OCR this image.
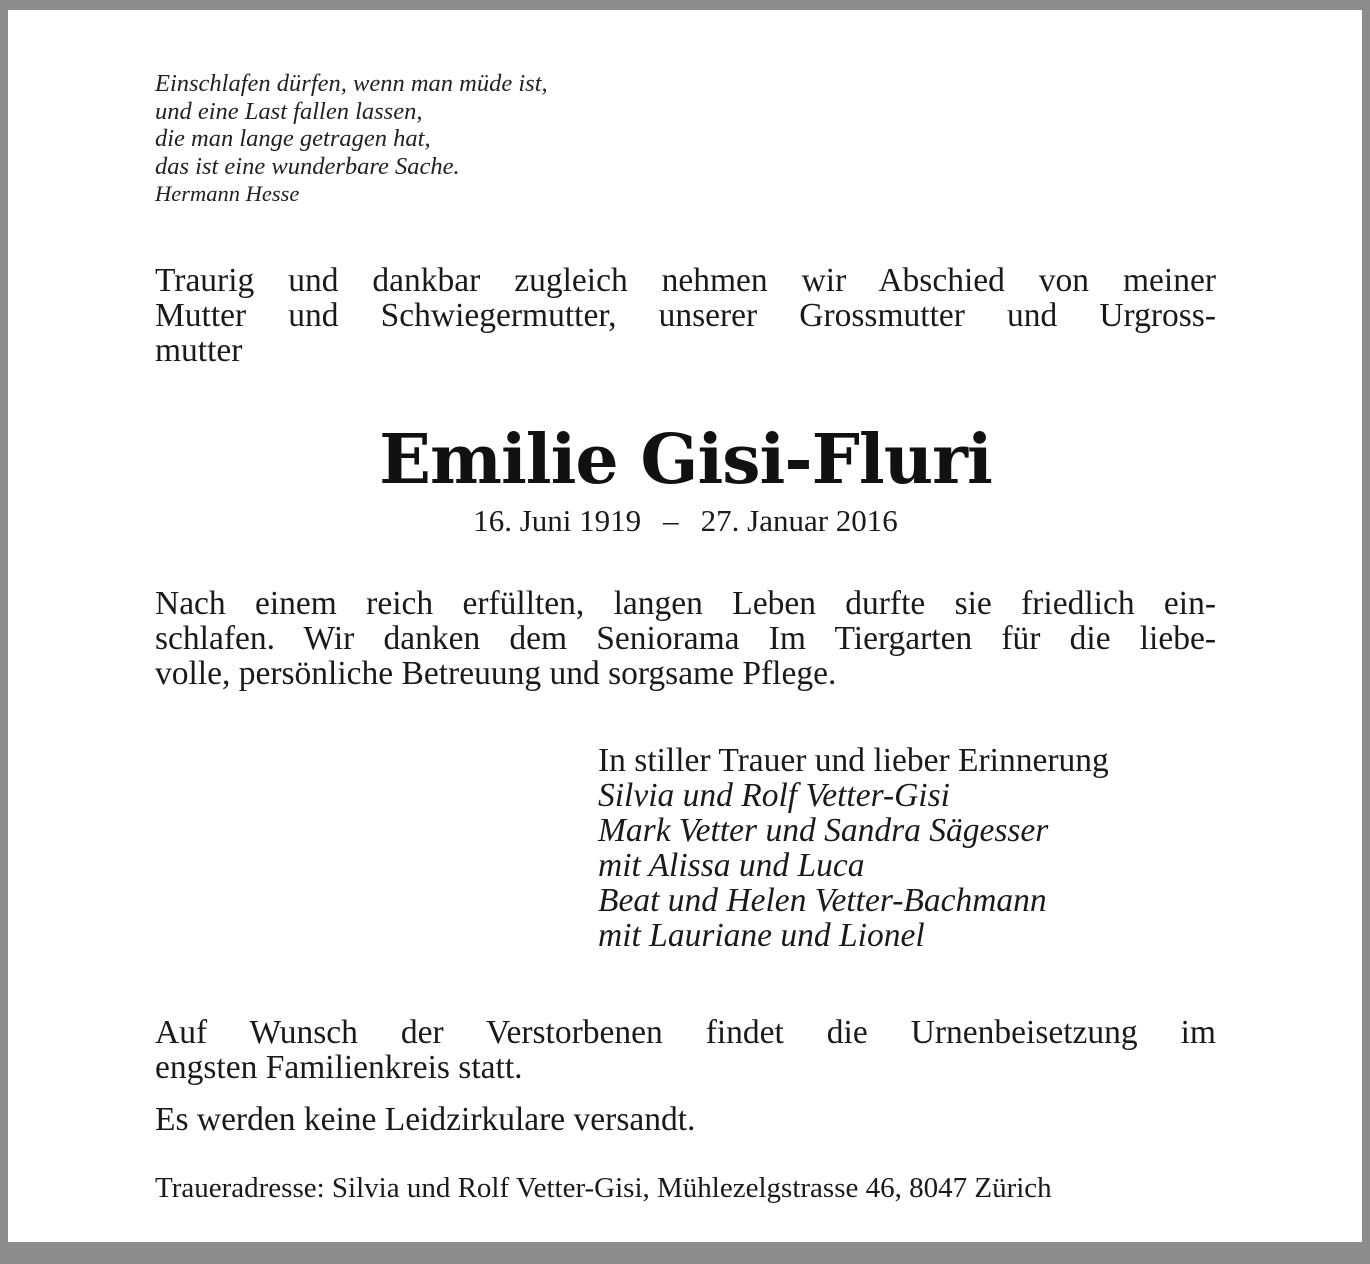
Einschlafen dürfen, wenn man müde ist,
und eine Last fallen lassen,
die man lange getragen hat,
das ist eine wunderbare Sache.
Hermann Hesse
Traurig und dankbar zugleich nehmen wir Abschied von meiner
Mutter und Schwiegermutter, unserer Grossmutter und Urgross-
mutter
Emilie Gisi-Fluri
16. Juni 1919 – 27. Januar 2016
Nach einem reich erfüllten, langen Leben durfte sie friedlich ein-
schlafen. Wir danken dem Seniorama Im Tiergarten für die liebe-
volle, persönliche Betreuung und sorgsame Pflege.
In stiller Trauer und lieber Erinnerung
Silvia und Rolf Vetter-Gisi
Mark Vetter und Sandra Sägesser
mit Alissa und Luca
Beat und Helen Vetter-Bachmann
mit Lauriane und Lionel
Auf Wunsch der Verstorbenen findet die Urnenbeisetzung im
engsten Familienkreis statt.
Es werden keine Leidzirkulare versandt.
Traueradresse: Silvia und Rolf Vetter-Gisi, Mühlezelgstrasse 46, 8047 Zürich
